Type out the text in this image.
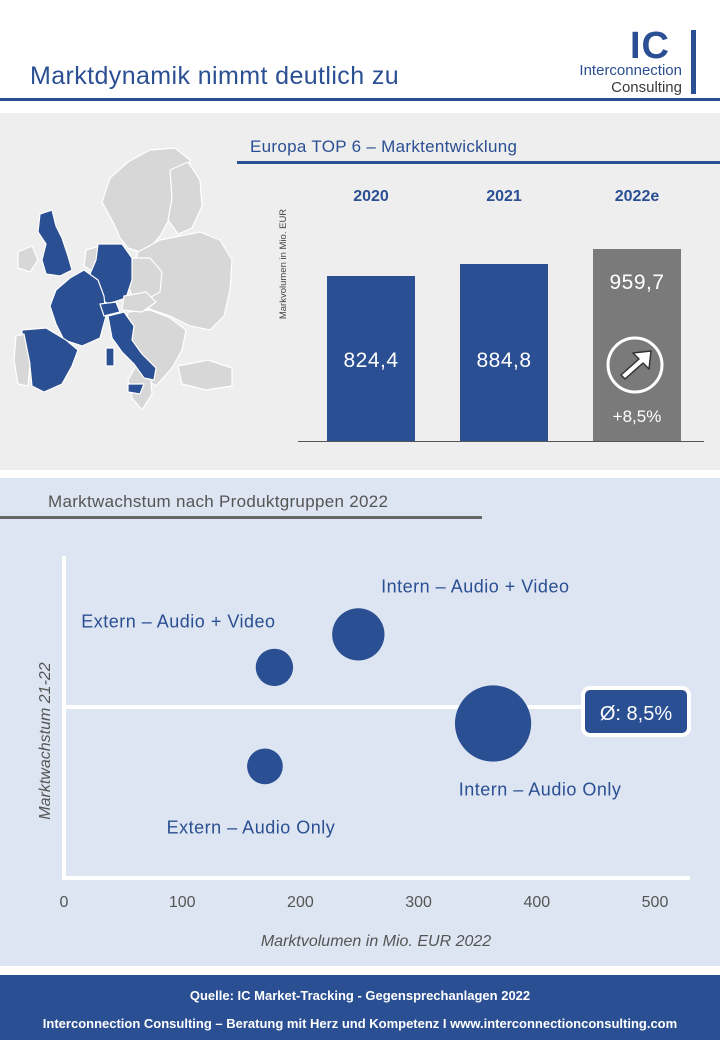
Marktdynamik nimmt deutlich zu
IC
Interconnection
Consulting
Europa TOP 6 – Marktentwicklung
2020
824,4
2021
884,8
2022e
959,7
+8,5%
Markvolumen in Mio. EUR
Marktwachstum nach Produktgruppen 2022
0	100	200	300	400	500
Marktvolumen in Mio. EUR 2022
Marktwachstum 21-22
Extern – Audio + Video
Intern – Audio + Video
Extern – Audio Only
Intern – Audio Only
Ø: 8,5%
Quelle: IC Market-Tracking - Gegensprechanlagen 2022
Interconnection Consulting – Beratung mit Herz und Kompetenz I www.interconnectionconsulting.com
